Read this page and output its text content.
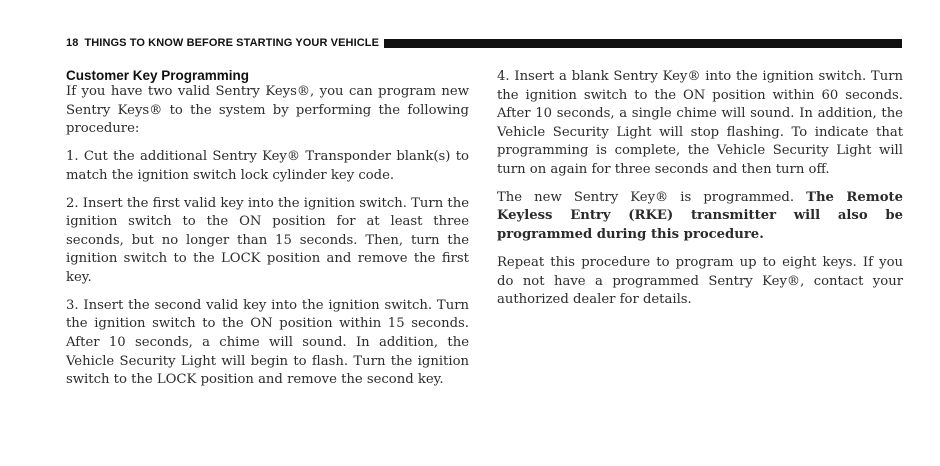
18 THINGS TO KNOW BEFORE STARTING YOUR VEHICLE
Customer Key Programming

If you have two valid Sentry Keys®, you can program new Sentry Keys® to the system by performing the following procedure:

1. Cut the additional Sentry Key® Transponder blank(s) to match the ignition switch lock cylinder key code.

2. Insert the first valid key into the ignition switch. Turn the ignition switch to the ON position for at least three seconds, but no longer than 15 seconds. Then, turn the ignition switch to the LOCK position and remove the first key.

3. Insert the second valid key into the ignition switch. Turn the ignition switch to the ON position within 15 seconds. After 10 seconds, a chime will sound. In addition, the Vehicle Security Light will begin to flash. Turn the ignition switch to the LOCK position and remove the second key.

4. Insert a blank Sentry Key® into the ignition switch. Turn the ignition switch to the ON position within 60 seconds. After 10 seconds, a single chime will sound. In addition, the Vehicle Security Light will stop flashing. To indicate that programming is complete, the Vehicle Security Light will turn on again for three seconds and then turn off.

The new Sentry Key® is programmed. The Remote Keyless Entry (RKE) transmitter will also be programmed during this procedure.

Repeat this procedure to program up to eight keys. If you do not have a programmed Sentry Key®, contact your authorized dealer for details.
